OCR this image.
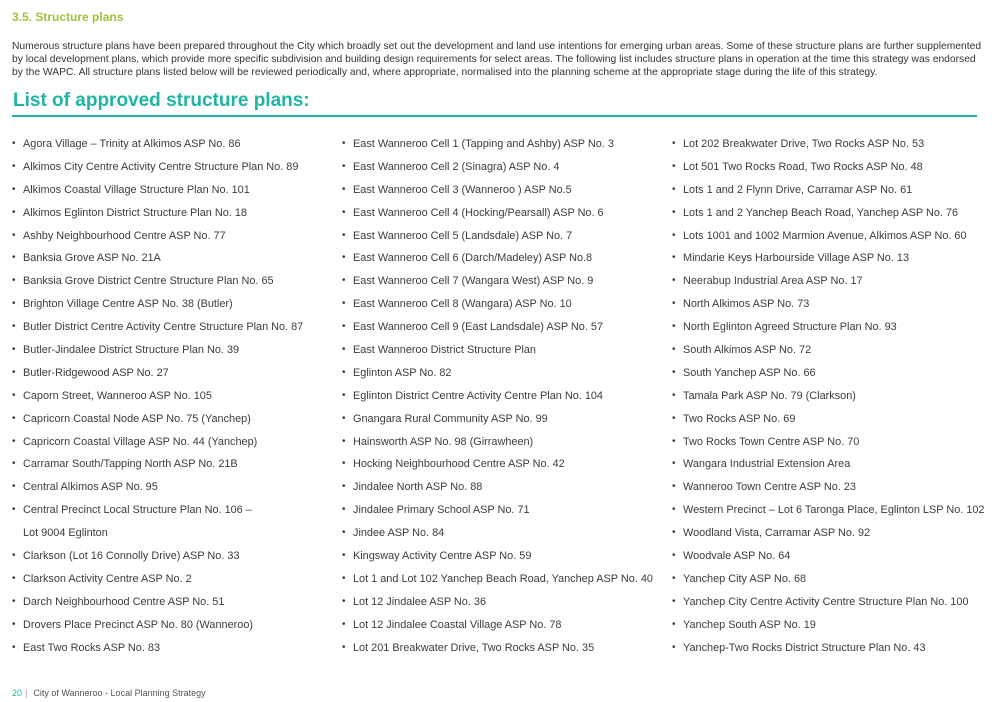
3.5. Structure plans

Numerous structure plans have been prepared throughout the City which broadly set out the development and land use intentions for emerging urban areas. Some of these structure plans are further supplemented by local development plans, which provide more specific subdivision and building design requirements for select areas. The following list includes structure plans in operation at the time this strategy was endorsed by the WAPC. All structure plans listed below will be reviewed periodically and, where appropriate, normalised into the planning scheme at the appropriate stage during the life of this strategy.

List of approved structure plans:
• Agora Village – Trinity at Alkimos ASP No. 86
• Alkimos City Centre Activity Centre Structure Plan No. 89
• Alkimos Coastal Village Structure Plan No. 101
• Alkimos Eglinton District Structure Plan No. 18
• Ashby Neighbourhood Centre ASP No. 77
• Banksia Grove ASP No. 21A
• Banksia Grove District Centre Structure Plan No. 65
• Brighton Village Centre ASP No. 38 (Butler)
• Butler District Centre Activity Centre Structure Plan No. 87
• Butler-Jindalee District Structure Plan No. 39
• Butler-Ridgewood ASP No. 27
• Caporn Street, Wanneroo ASP No. 105
• Capricorn Coastal Node ASP No. 75 (Yanchep)
• Capricorn Coastal Village ASP No. 44 (Yanchep)
• Carramar South/Tapping North ASP No. 21B
• Central Alkimos ASP No. 95
• Central Precinct Local Structure Plan No. 106 –
Lot 9004 Eglinton
• Clarkson (Lot 16 Connolly Drive) ASP No. 33
• Clarkson Activity Centre ASP No. 2
• Darch Neighbourhood Centre ASP No. 51
• Drovers Place Precinct ASP No. 80 (Wanneroo)
• East Two Rocks ASP No. 83
• East Wanneroo Cell 1 (Tapping and Ashby) ASP No. 3
• East Wanneroo Cell 2 (Sinagra) ASP No. 4
• East Wanneroo Cell 3 (Wanneroo ) ASP No.5
• East Wanneroo Cell 4 (Hocking/Pearsall) ASP No. 6
• East Wanneroo Cell 5 (Landsdale) ASP No. 7
• East Wanneroo Cell 6 (Darch/Madeley) ASP No.8
• East Wanneroo Cell 7 (Wangara West) ASP No. 9
• East Wanneroo Cell 8 (Wangara) ASP No. 10
• East Wanneroo Cell 9 (East Landsdale) ASP No. 57
• East Wanneroo District Structure Plan
• Eglinton ASP No. 82
• Eglinton District Centre Activity Centre Plan No. 104
• Gnangara Rural Community ASP No. 99
• Hainsworth ASP No. 98 (Girrawheen)
• Hocking Neighbourhood Centre ASP No. 42
• Jindalee North ASP No. 88
• Jindalee Primary School ASP No. 71
• Jindee ASP No. 84
• Kingsway Activity Centre ASP No. 59
• Lot 1 and Lot 102 Yanchep Beach Road, Yanchep ASP No. 40
• Lot 12 Jindalee ASP No. 36
• Lot 12 Jindalee Coastal Village ASP No. 78
• Lot 201 Breakwater Drive, Two Rocks ASP No. 35
• Lot 202 Breakwater Drive, Two Rocks ASP No. 53
• Lot 501 Two Rocks Road, Two Rocks ASP No. 48
• Lots 1 and 2 Flynn Drive, Carramar ASP No. 61
• Lots 1 and 2 Yanchep Beach Road, Yanchep ASP No. 76
• Lots 1001 and 1002 Marmion Avenue, Alkimos ASP No. 60
• Mindarie Keys Harbourside Village ASP No. 13
• Neerabup Industrial Area ASP No. 17
• North Alkimos ASP No. 73
• North Eglinton Agreed Structure Plan No. 93
• South Alkimos ASP No. 72
• South Yanchep ASP No. 66
• Tamala Park ASP No. 79 (Clarkson)
• Two Rocks ASP No. 69
• Two Rocks Town Centre ASP No. 70
• Wangara Industrial Extension Area
• Wanneroo Town Centre ASP No. 23
• Western Precinct – Lot 6 Taronga Place, Eglinton LSP No. 102
• Woodland Vista, Carramar ASP No. 92
• Woodvale ASP No. 64
• Yanchep City ASP No. 68
• Yanchep City Centre Activity Centre Structure Plan No. 100
• Yanchep South ASP No. 19
• Yanchep-Two Rocks District Structure Plan No. 43
20 | City of Wanneroo - Local Planning Strategy
